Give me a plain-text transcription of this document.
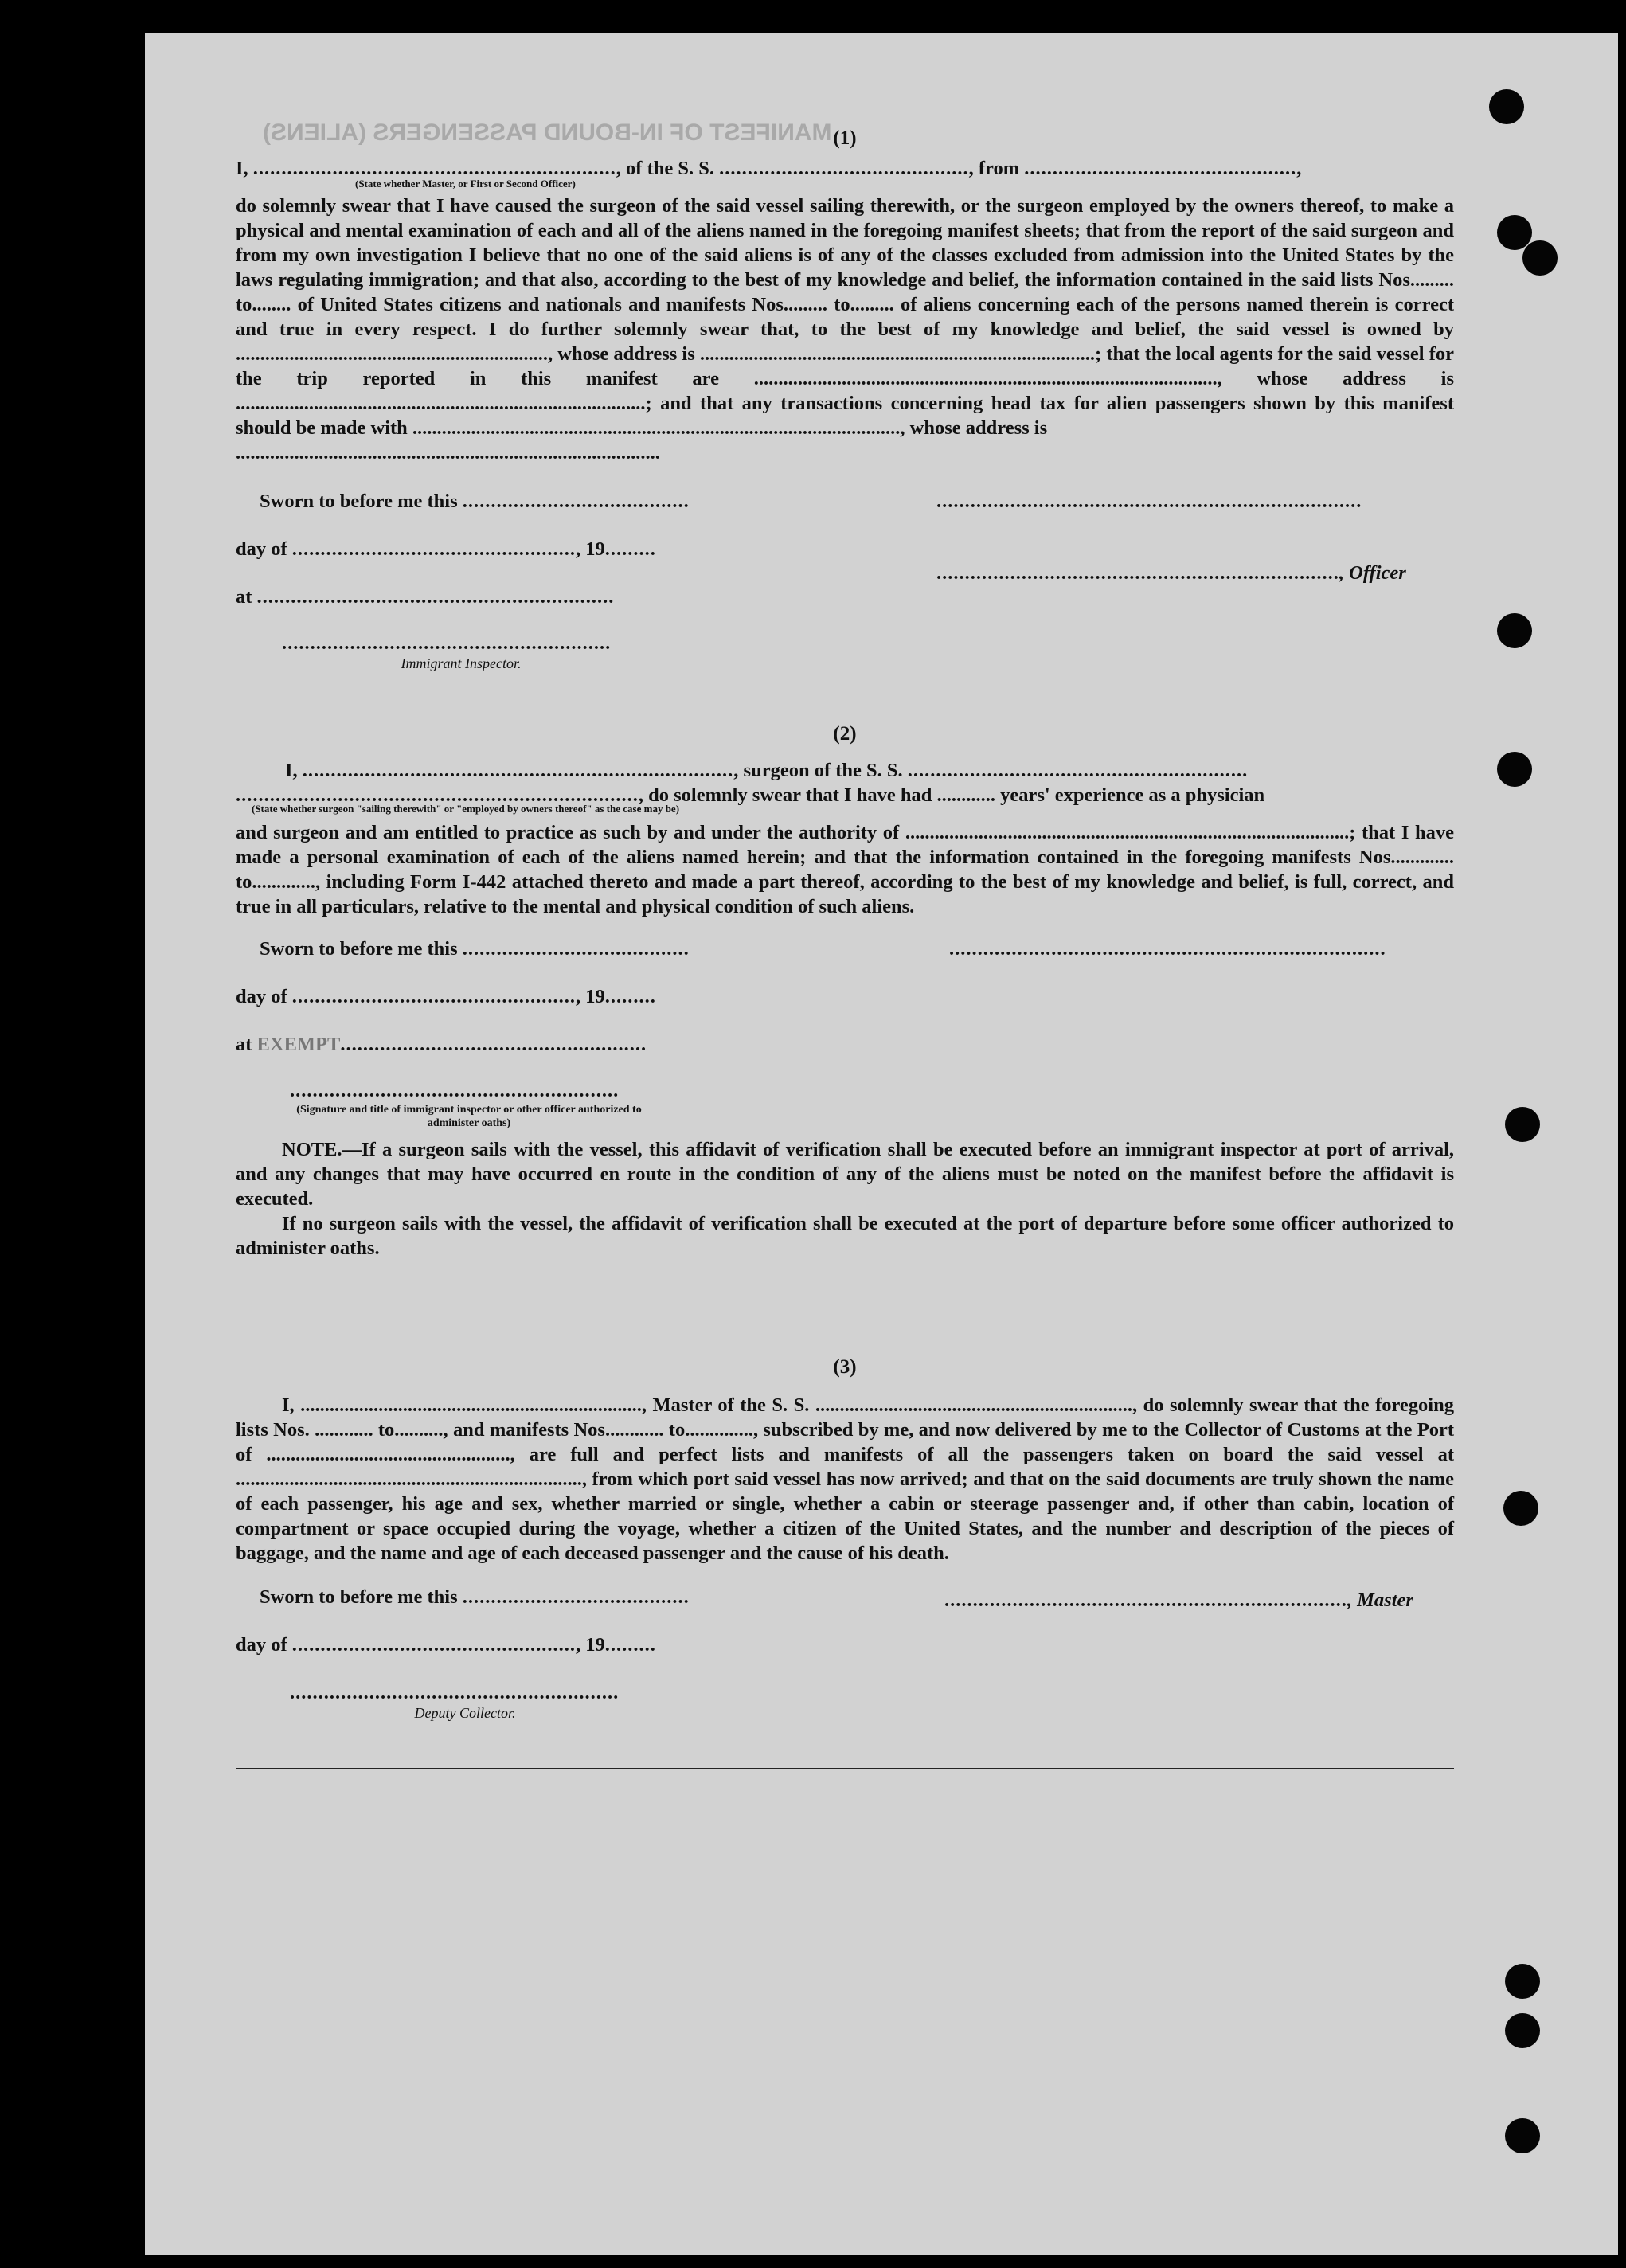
MANIFEST OF IN-BOUND PASSENGERS (ALIENS) (1)
I, ................................................................, of the S. S. ............................................, from ................................................,
(State whether Master, or First or Second Officer)

do solemnly swear that I have caused the surgeon of the said vessel sailing therewith, or the surgeon employed by the owners thereof, to make a physical and mental examination of each and all of the aliens named in the foregoing manifest sheets; that from the report of the said surgeon and from my own investigation I believe that no one of the said aliens is of any of the classes excluded from admission into the United States by the laws regulating immigration; and that also, according to the best of my knowledge and belief, the information contained in the said lists Nos......... to........ of United States citizens and nationals and manifests Nos......... to......... of aliens concerning each of the persons named therein is correct and true in every respect. I do further solemnly swear that, to the best of my knowledge and belief, the said vessel is owned by ................................................................, whose address is .................................................................................; that the local agents for the said vessel for the trip reported in this manifest are ..............................................................................................., whose address is ....................................................................................; and that any transactions concerning head tax for alien passengers shown by this manifest should be made with ...................................................................................................., whose address is

.......................................................................................
Sworn to before me this ........................................	...........................................................................
day of .................................................., 19.........
......................................................................., Officer
at ...............................................................
..........................................................
Immigrant Inspector.
(2)
I, ............................................................................, surgeon of the S. S. ............................................................
......................................................................., do solemnly swear that I have had ............ years' experience as a physician
(State whether surgeon "sailing therewith" or "employed by owners thereof" as the case may be)

and surgeon and am entitled to practice as such by and under the authority of ...........................................................................................; that I have made a personal examination of each of the aliens named herein; and that the information contained in the foregoing manifests Nos............. to............., including Form I-442 attached thereto and made a part thereof, according to the best of my knowledge and belief, is full, correct, and true in all particulars, relative to the mental and physical condition of such aliens.

Sworn to before me this ........................................	.............................................................................
day of .................................................., 19.........
at EXEMPT......................................................
..........................................................
(Signature and title of immigrant inspector or other officer authorized to administer oaths)

NOTE.—If a surgeon sails with the vessel, this affidavit of verification shall be executed before an immigrant inspector at port of arrival, and any changes that may have occurred en route in the condition of any of the aliens must be noted on the manifest before the affidavit is executed.

If no surgeon sails with the vessel, the affidavit of verification shall be executed at the port of departure before some officer authorized to administer oaths.

(3)

I, ......................................................................, Master of the S. S. ................................................................., do solemnly swear that the foregoing lists Nos. ............ to.........., and manifests Nos............ to.............., subscribed by me, and now delivered by me to the Collector of Customs at the Port of .................................................., are full and perfect lists and manifests of all the passengers taken on board the said vessel at ......................................................................., from which port said vessel has now arrived; and that on the said documents are truly shown the name of each passenger, his age and sex, whether married or single, whether a cabin or steerage passenger and, if other than cabin, location of compartment or space occupied during the voyage, whether a citizen of the United States, and the number and description of the pieces of baggage, and the name and age of each deceased passenger and the cause of his death.

Sworn to before me this ........................................	......................................................................., Master
day of .................................................., 19.........
..........................................................
Deputy Collector.
